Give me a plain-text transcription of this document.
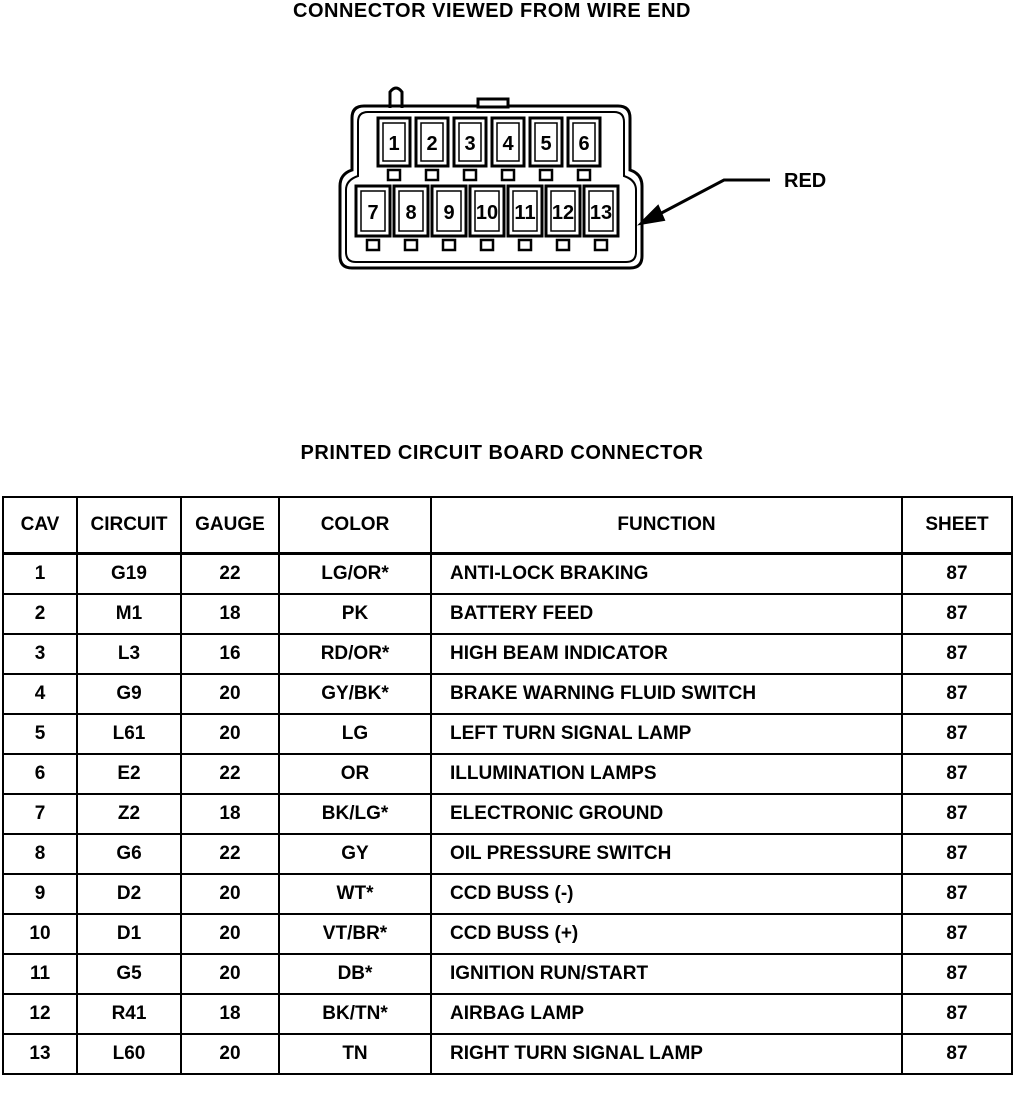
CONNECTOR VIEWED FROM WIRE END
1 2 3 4 5 6
7 8 9 10 11 12 13
RED
PRINTED CIRCUIT BOARD CONNECTOR
CAV	CIRCUIT	GAUGE	COLOR	FUNCTION	SHEET
1	G19	22	LG/OR*	ANTI-LOCK BRAKING	87
2	M1	18	PK	BATTERY FEED	87
3	L3	16	RD/OR*	HIGH BEAM INDICATOR	87
4	G9	20	GY/BK*	BRAKE WARNING FLUID SWITCH	87
5	L61	20	LG	LEFT TURN SIGNAL LAMP	87
6	E2	22	OR	ILLUMINATION LAMPS	87
7	Z2	18	BK/LG*	ELECTRONIC GROUND	87
8	G6	22	GY	OIL PRESSURE SWITCH	87
9	D2	20	WT*	CCD BUSS (-)	87
10	D1	20	VT/BR*	CCD BUSS (+)	87
11	G5	20	DB*	IGNITION RUN/START	87
12	R41	18	BK/TN*	AIRBAG LAMP	87
13	L60	20	TN	RIGHT TURN SIGNAL LAMP	87
